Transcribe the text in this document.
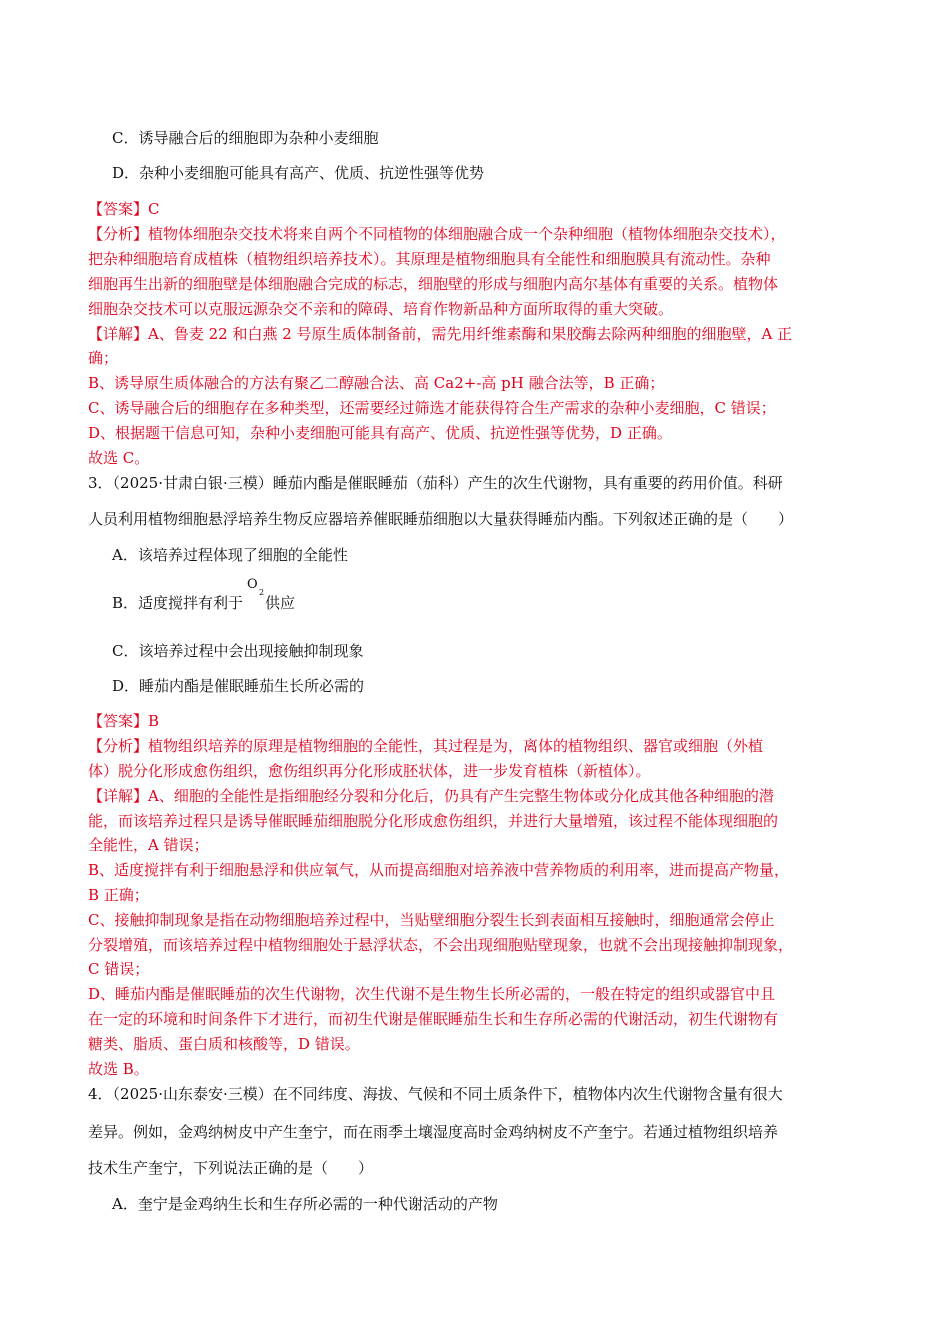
C．诱导融合后的细胞即为杂种小麦细胞
D．杂种小麦细胞可能具有高产、优质、抗逆性强等优势
【答案】C
【分析】植物体细胞杂交技术将来自两个不同植物的体细胞融合成一个杂种细胞（植物体细胞杂交技术），
把杂种细胞培育成植株（植物组织培养技术）。其原理是植物细胞具有全能性和细胞膜具有流动性。杂种
细胞再生出新的细胞壁是体细胞融合完成的标志，细胞壁的形成与细胞内高尔基体有重要的关系。植物体
细胞杂交技术可以克服远源杂交不亲和的障碍、培育作物新品种方面所取得的重大突破。
【详解】A、鲁麦 22 和白燕 2 号原生质体制备前，需先用纤维素酶和果胶酶去除两种细胞的细胞壁，A 正
确；
B、诱导原生质体融合的方法有聚乙二醇融合法、高 Ca2+-高 pH 融合法等，B 正确；
C、诱导融合后的细胞存在多种类型，还需要经过筛选才能获得符合生产需求的杂种小麦细胞，C 错误；
D、根据题干信息可知，杂种小麦细胞可能具有高产、优质、抗逆性强等优势，D 正确。
故选 C。
3．（2025·甘肃白银·三模）睡茄内酯是催眠睡茄（茄科）产生的次生代谢物，具有重要的药用价值。科研
人员利用植物细胞悬浮培养生物反应器培养催眠睡茄细胞以大量获得睡茄内酯。下列叙述正确的是（　　）
A．该培养过程体现了细胞的全能性
B．适度搅拌有利于
O
2
供应
C．该培养过程中会出现接触抑制现象
D．睡茄内酯是催眠睡茄生长所必需的
【答案】B
【分析】植物组织培养的原理是植物细胞的全能性，其过程是为，离体的植物组织、器官或细胞（外植
体）脱分化形成愈伤组织，愈伤组织再分化形成胚状体，进一步发育植株（新植体）。
【详解】A、细胞的全能性是指细胞经分裂和分化后，仍具有产生完整生物体或分化成其他各种细胞的潜
能，而该培养过程只是诱导催眠睡茄细胞脱分化形成愈伤组织，并进行大量增殖，该过程不能体现细胞的
全能性，A 错误；
B、适度搅拌有利于细胞悬浮和供应氧气，从而提高细胞对培养液中营养物质的利用率，进而提高产物量，
B 正确；
C、接触抑制现象是指在动物细胞培养过程中，当贴壁细胞分裂生长到表面相互接触时，细胞通常会停止
分裂增殖，而该培养过程中植物细胞处于悬浮状态，不会出现细胞贴壁现象，也就不会出现接触抑制现象，
C 错误；
D、睡茄内酯是催眠睡茄的次生代谢物，次生代谢不是生物生长所必需的，一般在特定的组织或器官中且
在一定的环境和时间条件下才进行，而初生代谢是催眠睡茄生长和生存所必需的代谢活动，初生代谢物有
糖类、脂质、蛋白质和核酸等，D 错误。
故选 B。
4．（2025·山东泰安·三模）在不同纬度、海拔、气候和不同土质条件下，植物体内次生代谢物含量有很大
差异。例如，金鸡纳树皮中产生奎宁，而在雨季土壤湿度高时金鸡纳树皮不产奎宁。若通过植物组织培养
技术生产奎宁，下列说法正确的是（　　）
A．奎宁是金鸡纳生长和生存所必需的一种代谢活动的产物
